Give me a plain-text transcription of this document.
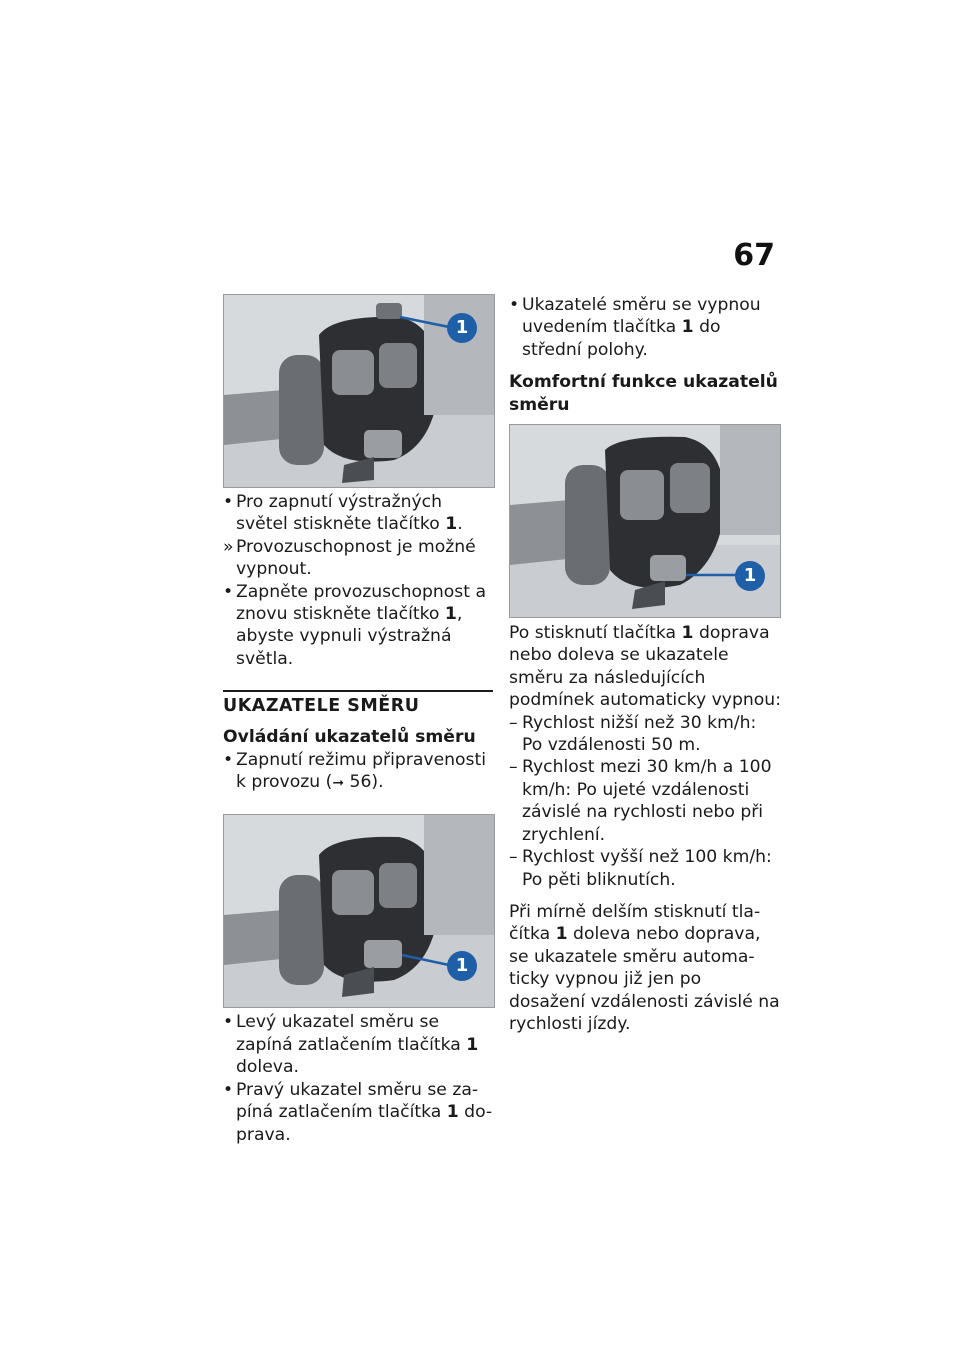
67
1
• Pro zapnutí výstražných světel stiskněte tlačítko 1.
» Provozuschopnost je možné vypnout.
• Zapněte provozuschopnost a znovu stiskněte tlačítko 1, abyste vypnuli výstražná světla.
UKAZATELE SMĚRU
Ovládání ukazatelů směru
• Zapnutí režimu připravenosti k provozu (➞ 56).
1
• Levý ukazatel směru se zapíná zatlačením tlačítka 1 doleva.
• Pravý ukazatel směru se za- píná zatlačením tlačítka 1 do- prava.
• Ukazatelé směru se vypnou uvedením tlačítka 1 do střední polohy.
Komfortní funkce ukazatelů směru
1
Po stisknutí tlačítka 1 doprava nebo doleva se ukazatele směru za následujících podmínek automaticky vypnou:
– Rychlost nižší než 30 km/h: Po vzdálenosti 50 m.
– Rychlost mezi 30 km/h a 100 km/h: Po ujeté vzdálenosti závislé na rychlosti nebo při zrychlení.
– Rychlost vyšší než 100 km/h: Po pěti bliknutích.
Při mírně delším stisknutí tla- čítka 1 doleva nebo doprava, se ukazatele směru automa- ticky vypnou již jen po dosažení vzdálenosti závislé na rychlosti jízdy.
